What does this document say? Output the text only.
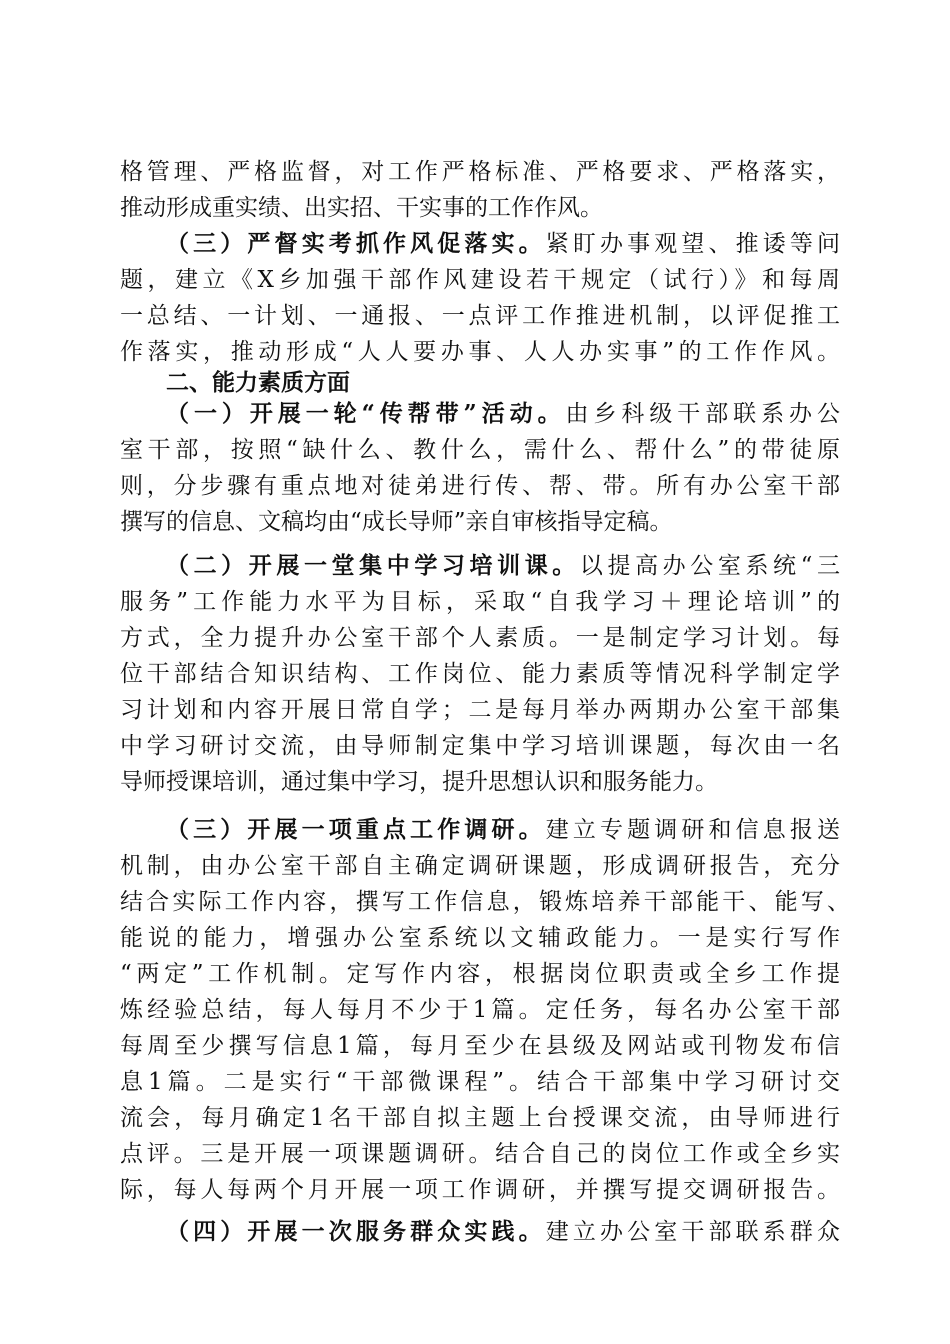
格管理、严格监督，对工作严格标准、严格要求、严格落实，
推动形成重实绩、出实招、干实事的工作作风。
（三）严督实考抓作风促落实。紧盯办事观望、推诿等问
题，建立《X乡加强干部作风建设若干规定（试行）》和每周
一总结、一计划、一通报、一点评工作推进机制，以评促推工
作落实，推动形成“人人要办事、人人办实事”的工作作风。
二、能力素质方面
（一）开展一轮“传帮带”活动。由乡科级干部联系办公
室干部，按照“缺什么、教什么，需什么、帮什么”的带徒原
则，分步骤有重点地对徒弟进行传、帮、带。所有办公室干部
撰写的信息、文稿均由“成长导师”亲自审核指导定稿。
（二）开展一堂集中学习培训课。以提高办公室系统“三
服务”工作能力水平为目标，采取“自我学习＋理论培训”的
方式，全力提升办公室干部个人素质。一是制定学习计划。每
位干部结合知识结构、工作岗位、能力素质等情况科学制定学
习计划和内容开展日常自学；二是每月举办两期办公室干部集
中学习研讨交流，由导师制定集中学习培训课题，每次由一名
导师授课培训，通过集中学习，提升思想认识和服务能力。
（三）开展一项重点工作调研。建立专题调研和信息报送
机制，由办公室干部自主确定调研课题，形成调研报告，充分
结合实际工作内容，撰写工作信息，锻炼培养干部能干、能写、
能说的能力，增强办公室系统以文辅政能力。一是实行写作
“两定”工作机制。定写作内容，根据岗位职责或全乡工作提
炼经验总结，每人每月不少于1篇。定任务，每名办公室干部
每周至少撰写信息1篇，每月至少在县级及网站或刊物发布信
息1篇。二是实行“干部微课程”。结合干部集中学习研讨交
流会，每月确定1名干部自拟主题上台授课交流，由导师进行
点评。三是开展一项课题调研。结合自己的岗位工作或全乡实
际，每人每两个月开展一项工作调研，并撰写提交调研报告。
（四）开展一次服务群众实践。建立办公室干部联系群众
